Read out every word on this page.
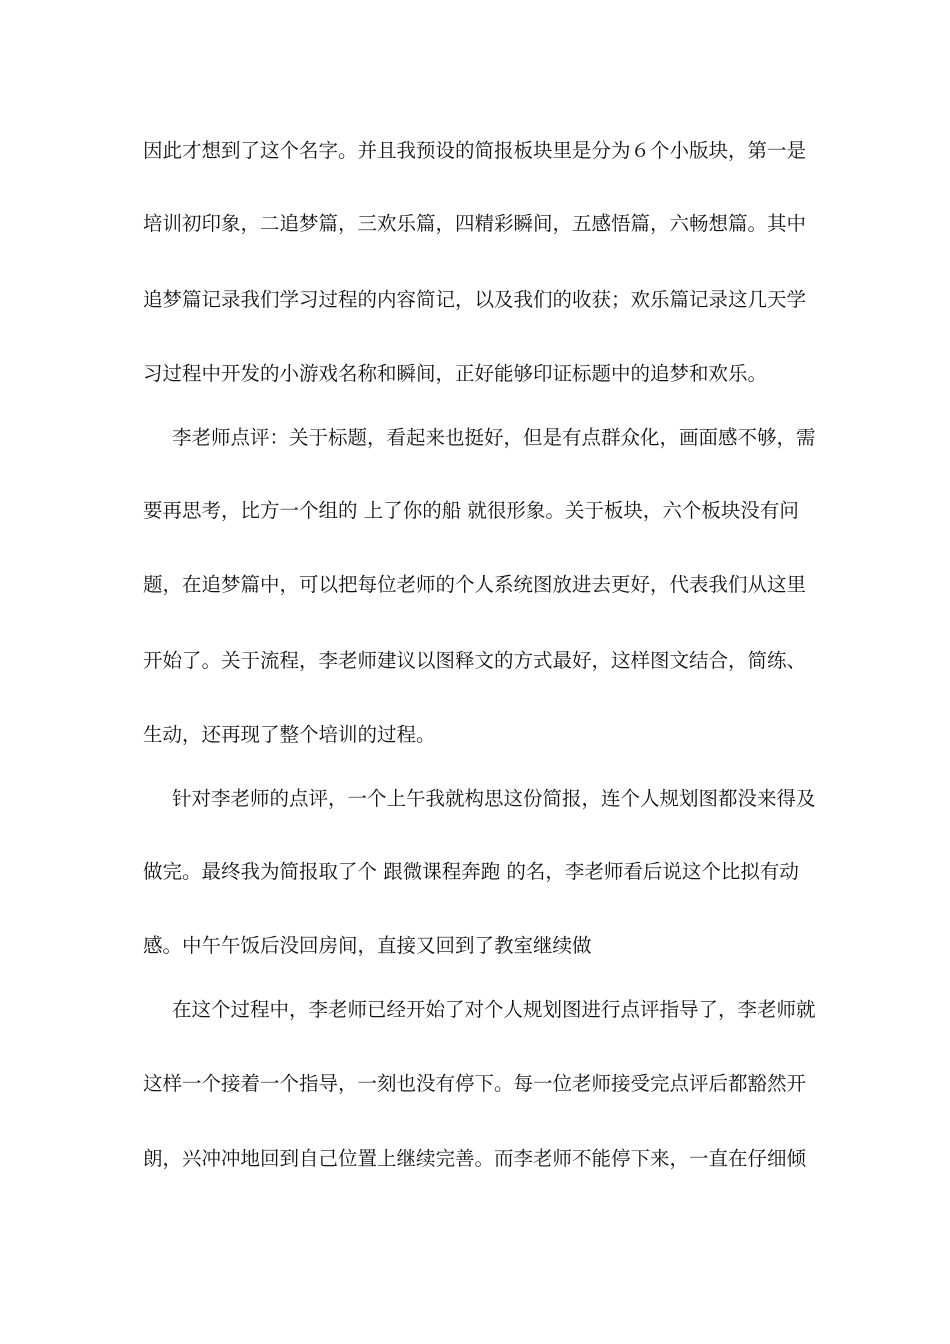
因此才想到了这个名字。并且我预设的简报板块里是分为６个小版块，第一是
培训初印象，二追梦篇，三欢乐篇，四精彩瞬间，五感悟篇，六畅想篇。其中
追梦篇记录我们学习过程的内容简记，以及我们的收获；欢乐篇记录这几天学
习过程中开发的小游戏名称和瞬间，正好能够印证标题中的追梦和欢乐。
李老师点评：关于标题，看起来也挺好，但是有点群众化，画面感不够，需
要再思考，比方一个组的 上了你的船 就很形象。关于板块，六个板块没有问
题，在追梦篇中，可以把每位老师的个人系统图放进去更好，代表我们从这里
开始了。关于流程，李老师建议以图释文的方式最好，这样图文结合，简练、
生动，还再现了整个培训的过程。
针对李老师的点评，一个上午我就构思这份简报，连个人规划图都没来得及
做完。最终我为简报取了个 跟微课程奔跑 的名，李老师看后说这个比拟有动
感。中午午饭后没回房间，直接又回到了教室继续做
在这个过程中，李老师已经开始了对个人规划图进行点评指导了，李老师就
这样一个接着一个指导，一刻也没有停下。每一位老师接受完点评后都豁然开
朗，兴冲冲地回到自己位置上继续完善。而李老师不能停下来，一直在仔细倾
